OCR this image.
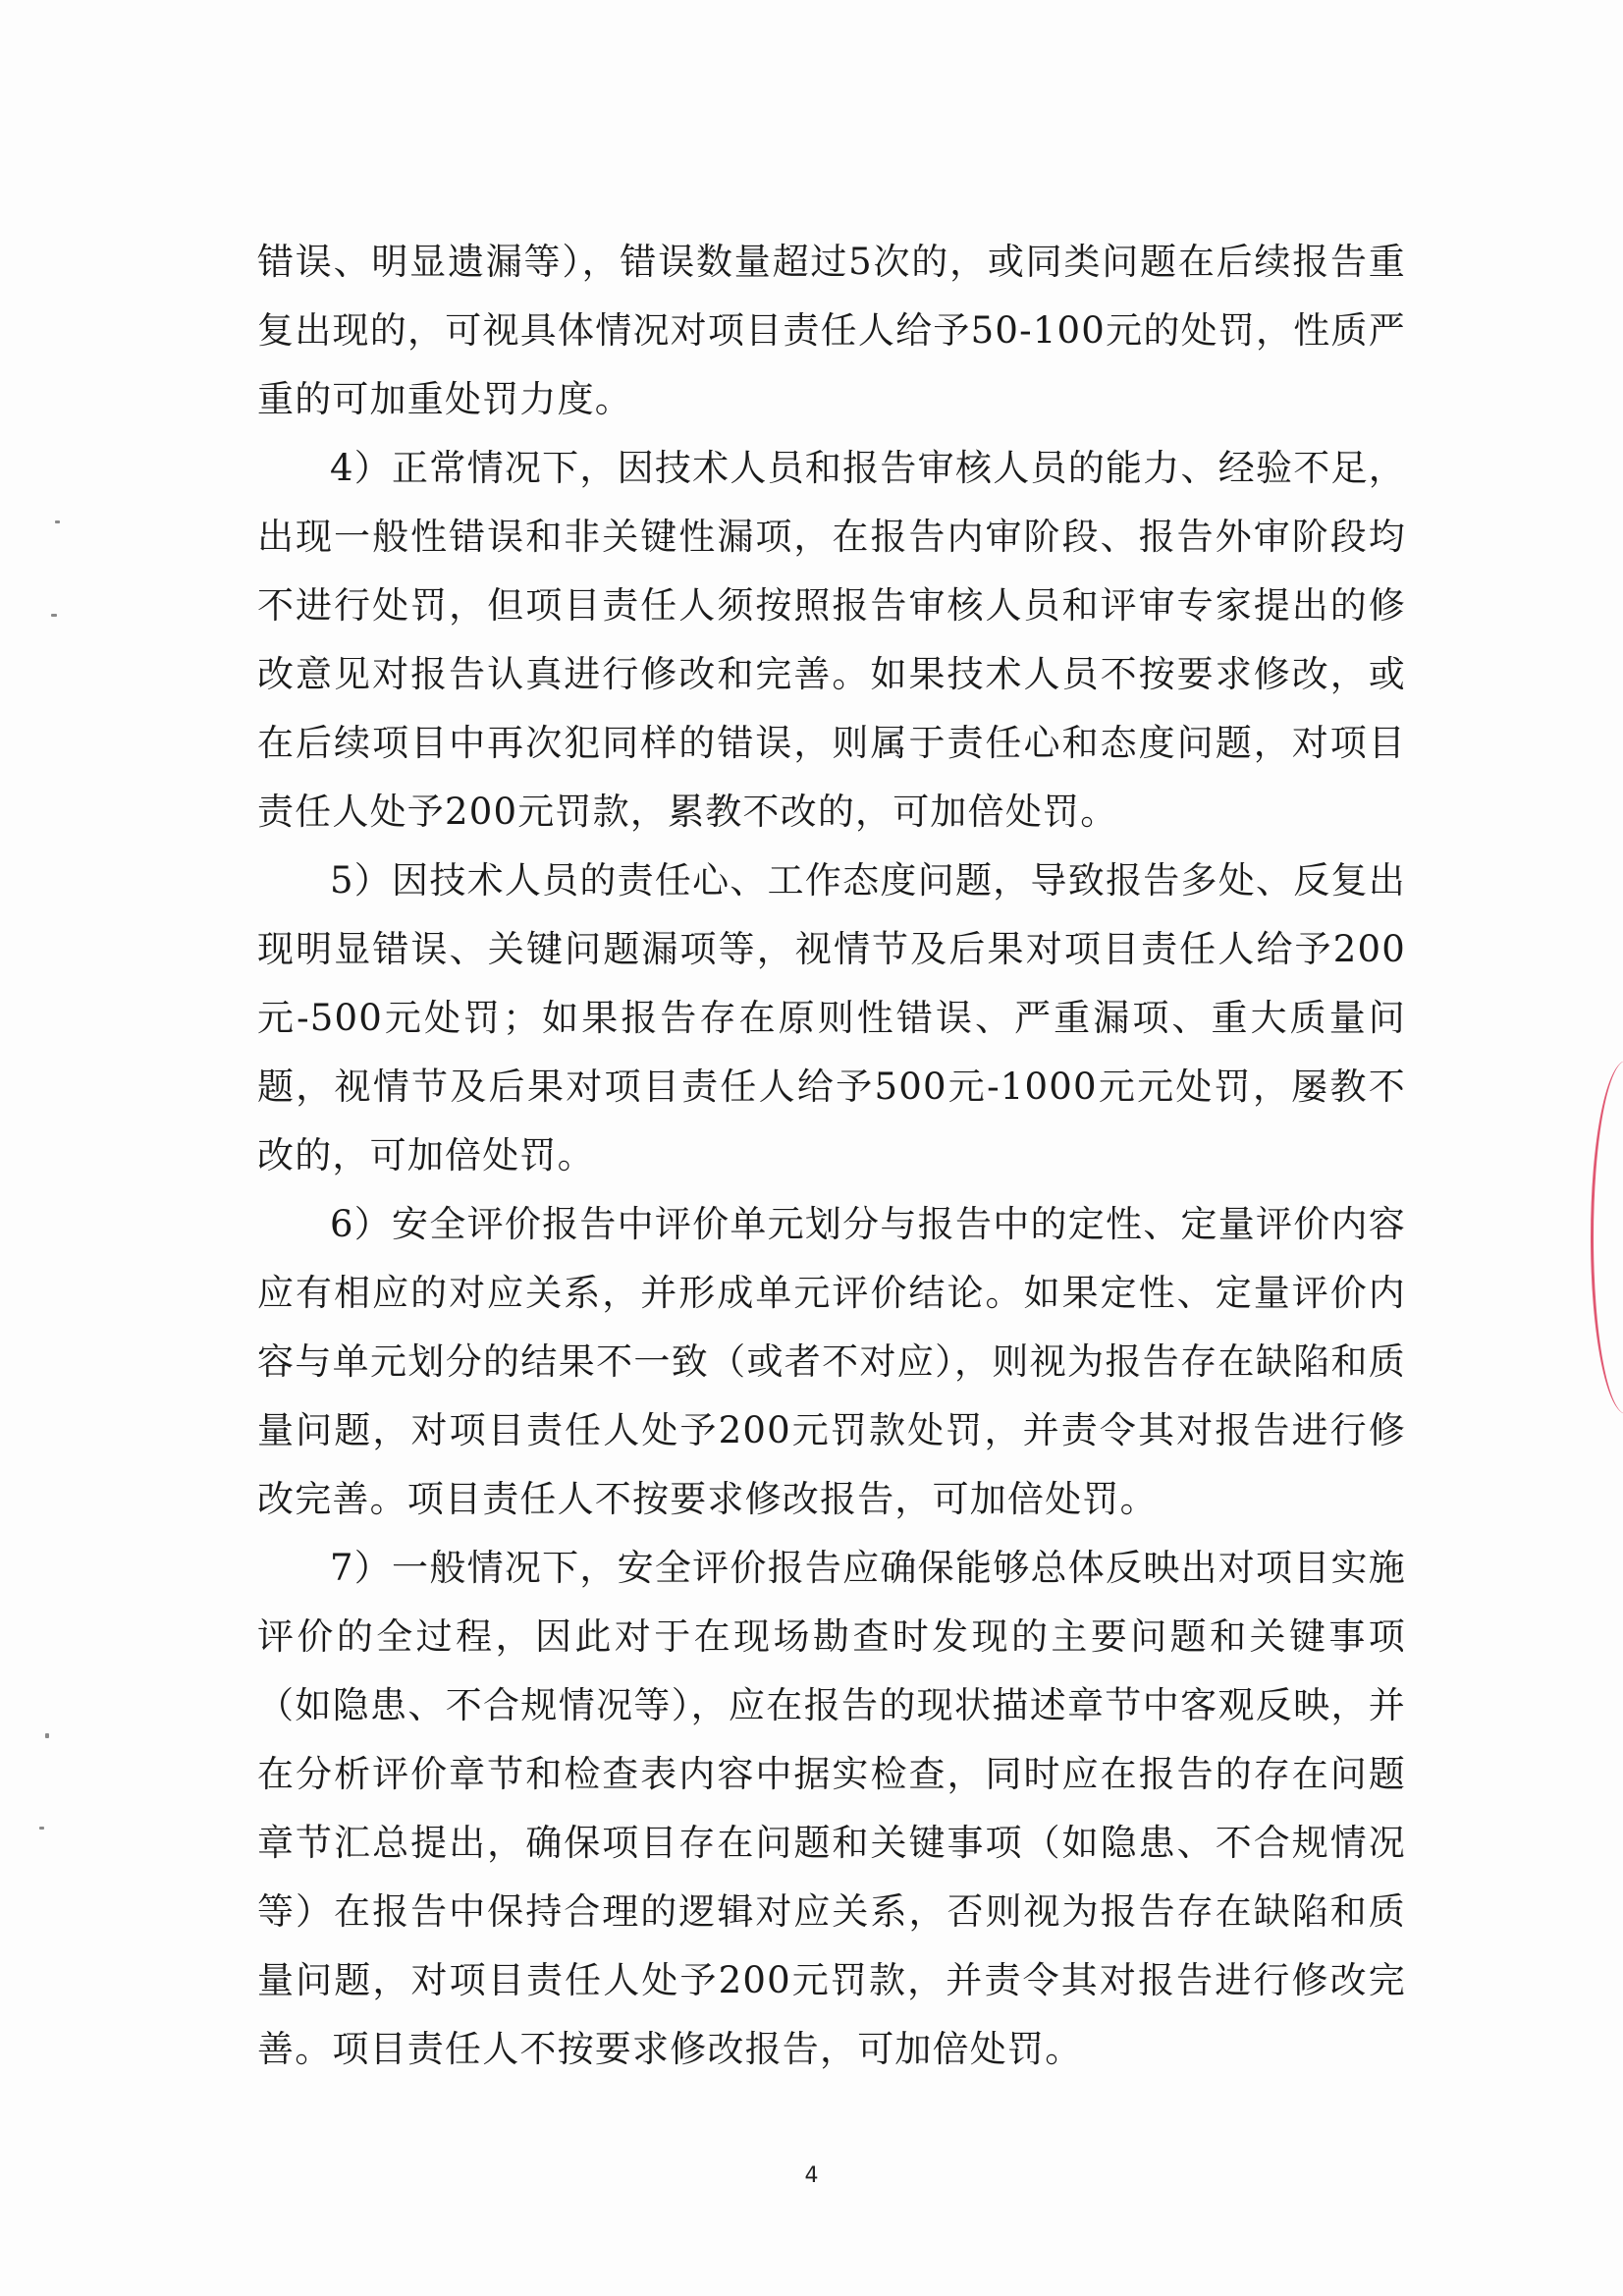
错误、明显遗漏等），错误数量超过5次的，或同类问题在后续报告重复出现的，可视具体情况对项目责任人给予50-100元的处罚，性质严重的可加重处罚力度。

4）正常情况下，因技术人员和报告审核人员的能力、经验不足，出现一般性错误和非关键性漏项，在报告内审阶段、报告外审阶段均不进行处罚，但项目责任人须按照报告审核人员和评审专家提出的修改意见对报告认真进行修改和完善。如果技术人员不按要求修改，或在后续项目中再次犯同样的错误，则属于责任心和态度问题，对项目责任人处予200元罚款，累教不改的，可加倍处罚。

5）因技术人员的责任心、工作态度问题，导致报告多处、反复出现明显错误、关键问题漏项等，视情节及后果对项目责任人给予200元-500元处罚；如果报告存在原则性错误、严重漏项、重大质量问题，视情节及后果对项目责任人给予500元-1000元元处罚，屡教不改的，可加倍处罚。

6）安全评价报告中评价单元划分与报告中的定性、定量评价内容应有相应的对应关系，并形成单元评价结论。如果定性、定量评价内容与单元划分的结果不一致（或者不对应），则视为报告存在缺陷和质量问题，对项目责任人处予200元罚款处罚，并责令其对报告进行修改完善。项目责任人不按要求修改报告，可加倍处罚。

7）一般情况下，安全评价报告应确保能够总体反映出对项目实施评价的全过程，因此对于在现场勘查时发现的主要问题和关键事项（如隐患、不合规情况等），应在报告的现状描述章节中客观反映，并在分析评价章节和检查表内容中据实检查，同时应在报告的存在问题章节汇总提出，确保项目存在问题和关键事项（如隐患、不合规情况等）在报告中保持合理的逻辑对应关系，否则视为报告存在缺陷和质量问题，对项目责任人处予200元罚款，并责令其对报告进行修改完善。项目责任人不按要求修改报告，可加倍处罚。

4
